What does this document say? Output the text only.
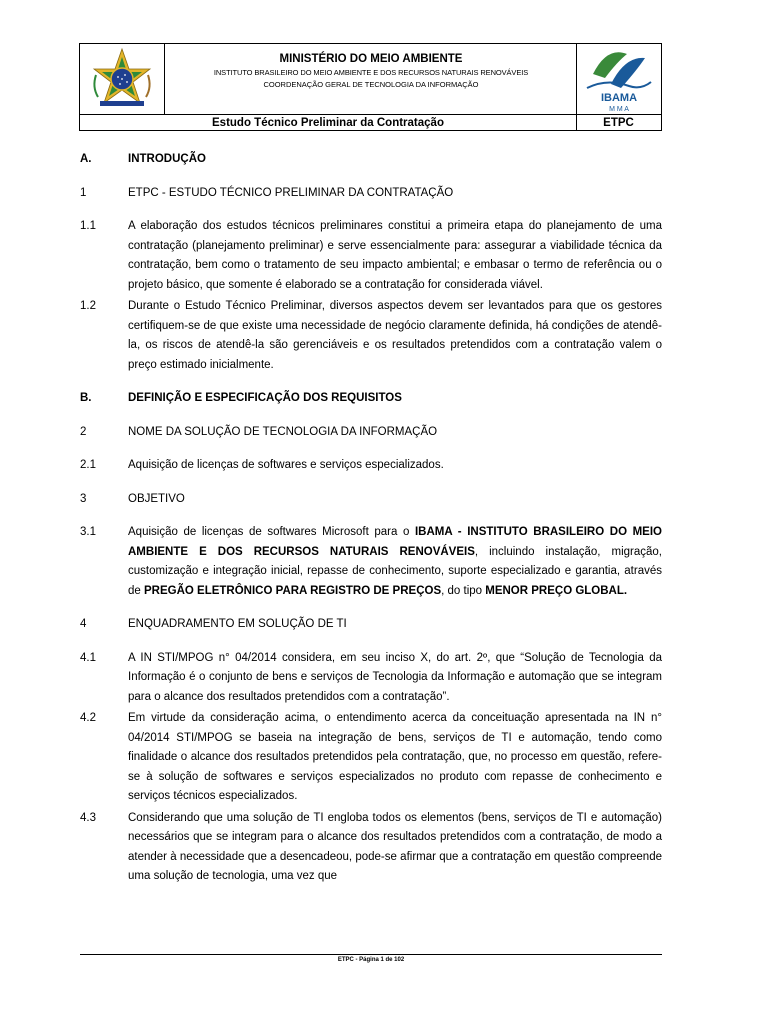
MINISTÉRIO DO MEIO AMBIENTE
INSTITUTO BRASILEIRO DO MEIO AMBIENTE E DOS RECURSOS NATURAIS RENOVÁVEIS
COORDENAÇÃO GERAL DE TECNOLOGIA DA INFORMAÇÃO
IBAMA
M M A
Estudo Técnico Preliminar da Contratação	ETPC
A.	INTRODUÇÃO
1	ETPC - ESTUDO TÉCNICO PRELIMINAR DA CONTRATAÇÃO
1.1	A elaboração dos estudos técnicos preliminares constitui a primeira etapa do planejamento de uma contratação (planejamento preliminar) e serve essencialmente para: assegurar a viabilidade técnica da contratação, bem como o tratamento de seu impacto ambiental; e embasar o termo de referência ou o projeto básico, que somente é elaborado se a contratação for considerada viável.
1.2	Durante o Estudo Técnico Preliminar, diversos aspectos devem ser levantados para que os gestores certifiquem-se de que existe uma necessidade de negócio claramente definida, há condições de atendê-la, os riscos de atendê-la são gerenciáveis e os resultados pretendidos com a contratação valem o preço estimado inicialmente.
B.	DEFINIÇÃO E ESPECIFICAÇÃO DOS REQUISITOS
2	NOME DA SOLUÇÃO DE TECNOLOGIA DA INFORMAÇÃO
2.1	Aquisição de licenças de softwares e serviços especializados.
3	OBJETIVO
3.1	Aquisição de licenças de softwares Microsoft para o IBAMA - INSTITUTO BRASILEIRO DO MEIO AMBIENTE E DOS RECURSOS NATURAIS RENOVÁVEIS, incluindo instalação, migração, customização e integração inicial, repasse de conhecimento, suporte especializado e garantia, através de PREGÃO ELETRÔNICO PARA REGISTRO DE PREÇOS, do tipo MENOR PREÇO GLOBAL.
4	ENQUADRAMENTO EM SOLUÇÃO DE TI
4.1	A IN STI/MPOG n° 04/2014 considera, em seu inciso X, do art. 2º, que “Solução de Tecnologia da Informação é o conjunto de bens e serviços de Tecnologia da Informação e automação que se integram para o alcance dos resultados pretendidos com a contratação”.
4.2	Em virtude da consideração acima, o entendimento acerca da conceituação apresentada na IN n° 04/2014 STI/MPOG se baseia na integração de bens, serviços de TI e automação, tendo como finalidade o alcance dos resultados pretendidos pela contratação, que, no processo em questão, refere-se à solução de softwares e serviços especializados no produto com repasse de conhecimento e serviços técnicos especializados.
4.3	Considerando que uma solução de TI engloba todos os elementos (bens, serviços de TI e automação) necessários que se integram para o alcance dos resultados pretendidos com a contratação, de modo a atender à necessidade que a desencadeou, pode-se afirmar que a contratação em questão compreende uma solução de tecnologia, uma vez que
ETPC - Página 1 de 102
